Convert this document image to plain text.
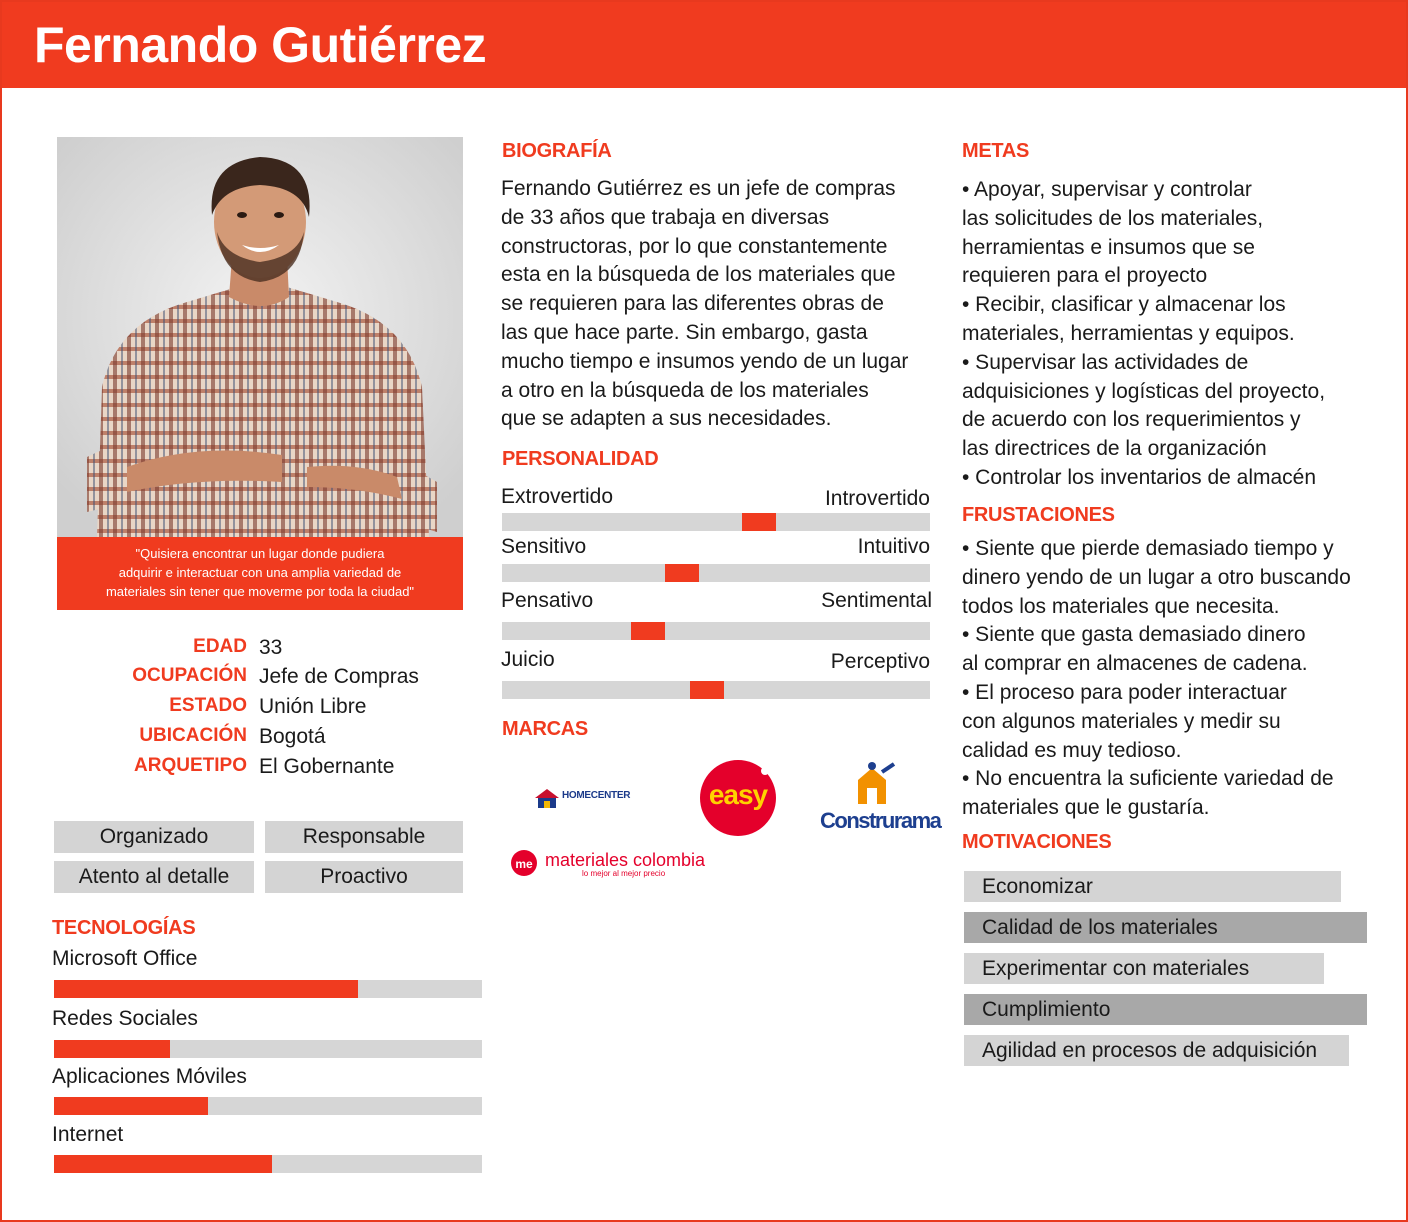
Fernando Gutiérrez
"Quisiera encontrar un lugar donde pudiera
adquirir e interactuar con una amplia variedad de
materiales sin tener que moverme por toda la ciudad"
EDAD 33
OCUPACIÓN Jefe de Compras
ESTADO Unión Libre
UBICACIÓN Bogotá
ARQUETIPO El Gobernante
Organizado	Responsable
Atento al detalle	Proactivo
TECNOLOGÍAS
Microsoft Office
Redes Sociales
Aplicaciones Móviles
Internet
BIOGRAFÍA
Fernando Gutiérrez es un jefe de compras
de 33 años que trabaja en diversas
constructoras, por lo que constantemente
esta en la búsqueda de los materiales que
se requieren para las diferentes obras de
las que hace parte. Sin embargo, gasta
mucho tiempo e insumos yendo de un lugar
a otro en la búsqueda de los materiales
que se adapten a sus necesidades.
PERSONALIDAD
Extrovertido	Introvertido
Sensitivo	Intuitivo
Pensativo	Sentimental
Juicio	Perceptivo
MARCAS
HOMECENTER	easy
Construrama
me materiales colombia
lo mejor al mejor precio
METAS
• Apoyar, supervisar y controlar
las solicitudes de los materiales,
herramientas e insumos que se
requieren para el proyecto
• Recibir, clasificar y almacenar los
materiales, herramientas y equipos.
• Supervisar las actividades de
adquisiciones y logísticas del proyecto,
de acuerdo con los requerimientos y
las directrices de la organización
• Controlar los inventarios de almacén
FRUSTACIONES
• Siente que pierde demasiado tiempo y
dinero yendo de un lugar a otro buscando
todos los materiales que necesita.
• Siente que gasta demasiado dinero
al comprar en almacenes de cadena.
• El proceso para poder interactuar
con algunos materiales y medir su
calidad es muy tedioso.
• No encuentra la suficiente variedad de
materiales que le gustaría.
MOTIVACIONES
Economizar
Calidad de los materiales
Experimentar con materiales
Cumplimiento
Agilidad en procesos de adquisición
